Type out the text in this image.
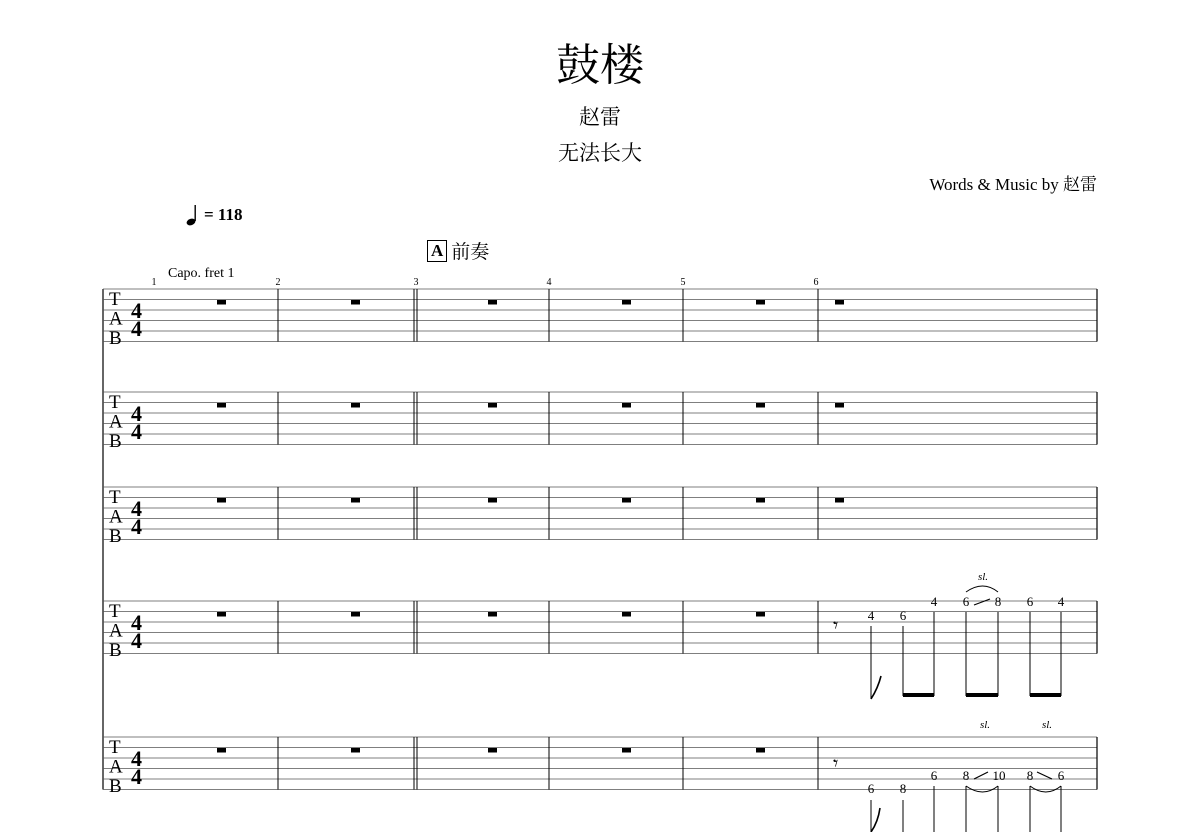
鼓楼
赵雷
无法长大
Words & Music by 赵雷
= 118
A 前奏
Capo. fret 1
1	2	3	4	5	6
T
A
B
4
4
T
A
B
4
4
T
A
B
4
4
T
A
B
4
4
T
A
B
4
4
𝄾 4 6
4 6 8 6 4
sl.
𝄾
6 8
6 8 10 8 6
sl.	sl.
